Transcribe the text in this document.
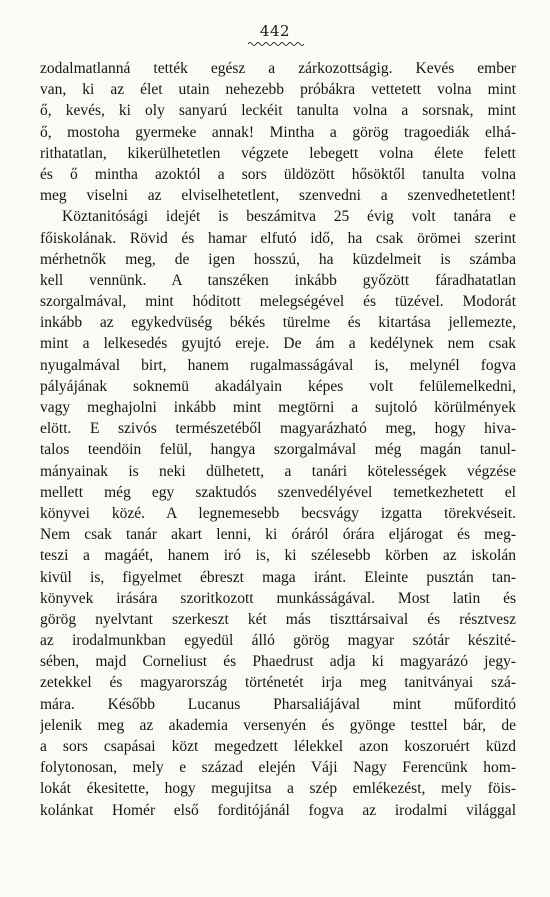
442
zodalmatlanná tették egész a zárkozottságig. Kevés ember
van, ki az élet utain nehezebb próbákra vettetett volna mint
ő, kevés, ki oly sanyarú leckéit tanulta volna a sorsnak, mint
ő, mostoha gyermeke annak! Mintha a görög tragoediák elhá-
rithatatlan, kikerülhetetlen végzete lebegett volna élete felett
és ő mintha azoktól a sors üldözött hősöktől tanulta volna
meg viselni az elviselhetetlent, szenvedni a szenvedhetetlent!
Köztanitósági idejét is beszámitva 25 évig volt tanára e
főiskolának. Rövid és hamar elfutó idő, ha csak örömei szerint
mérhetnők meg, de igen hosszú, ha küzdelmeit is számba
kell vennünk. A tanszéken inkább győzött fáradhatatlan
szorgalmával, mint hóditott melegségével és tüzével. Modorát
inkább az egykedvüség békés türelme és kitartása jellemezte,
mint a lelkesedés gyujtó ereje. De ám a kedélynek nem csak
nyugalmával birt, hanem rugalmasságával is, melynél fogva
pályájának soknemü akadályain képes volt felülemelkedni,
vagy meghajolni inkább mint megtörni a sujtoló körülmények
elött. E szivós természetéből magyarázható meg, hogy hiva-
talos teendöin felül, hangya szorgalmával még magán tanul-
mányainak is neki dülhetett, a tanári kötelességek végzése
mellett még egy szaktudós szenvedélyével temetkezhetett el
könyvei közé. A legnemesebb becsvágy izgatta törekvéseit.
Nem csak tanár akart lenni, ki óráról órára eljárogat és meg-
teszi a magáét, hanem iró is, ki szélesebb körben az iskolán
kivül is, figyelmet ébreszt maga iránt. Eleinte pusztán tan-
könyvek irására szoritkozott munkásságával. Most latin és
görög nyelvtant szerkeszt két más tiszttársaival és résztvesz
az irodalmunkban egyedül álló görög magyar szótár készité-
sében, majd Corneliust és Phaedrust adja ki magyarázó jegy-
zetekkel és magyarország történetét irja meg tanitványai szá-
mára. Később Lucanus Pharsaliájával mint műforditó
jelenik meg az akademia versenyén és gyönge testtel bár, de
a sors csapásai közt megedzett lélekkel azon koszoruért küzd
folytonosan, mely e század elején Váji Nagy Ferencünk hom-
lokát ékesitette, hogy megujitsa a szép emlékezést, mely föis-
kolánkat Homér első forditójánál fogva az irodalmi világgal
